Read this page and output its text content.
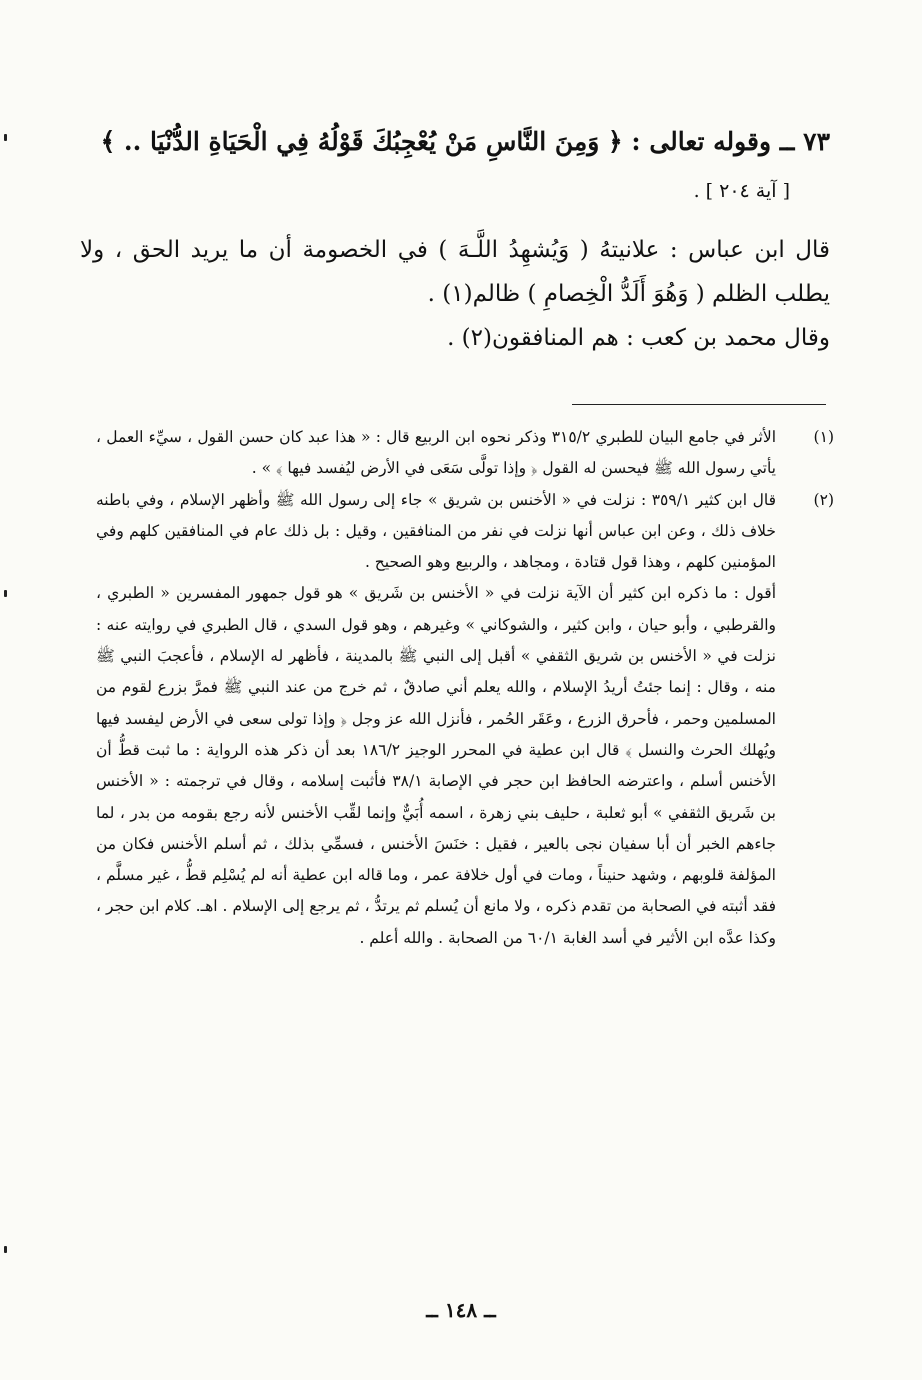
٧٣ ــ وقوله تعالى : ﴿ وَمِنَ النَّاسِ مَنْ يُعْجِبُكَ قَوْلُهُ فِي الْحَيَاةِ الدُّنْيَا .. ﴾
[ آية ٢٠٤ ] .

قال ابن عباس : علانيتهُ ( وَيُشهِدُ اللَّـهَ ) في الخصومة أن ما يريد الحق ، ولا يطلب الظلم ( وَهُوَ أَلَدُّ الْخِصامِ ) ظالم(١) .

وقال محمد بن كعب : هم المنافقون(٢) .

(١)
الأثر في جامع البيان للطبري ٣١٥/٢ وذكر نحوه ابن الربيع قال : « هذا عبد كان حسن القول ، سيِّء العمل ، يأتي رسول الله ﷺ فيحسن له القول ﴿ وإذا تولَّى سَعَى في الأرض ليُفسد فيها ﴾ » .
(٢)
قال ابن كثير ٣٥٩/١ : نزلت في « الأخنس بن شريق » جاء إلى رسول الله ﷺ وأظهر الإسلام ، وفي باطنه خلاف ذلك ، وعن ابن عباس أنها نزلت في نفر من المنافقين ، وقيل : بل ذلك عام في المنافقين كلهم وفي المؤمنين كلهم ، وهذا قول قتادة ، ومجاهد ، والربيع وهو الصحيح .

أقول : ما ذكره ابن كثير أن الآية نزلت في « الأخنس بن شَريق » هو قول جمهور المفسرين « الطبري ، والقرطبي ، وأبو حيان ، وابن كثير ، والشوكاني » وغيرهم ، وهو قول السدي ، قال الطبري في روايته عنه : نزلت في « الأخنس بن شريق الثقفي » أقبل إلى النبي ﷺ بالمدينة ، فأظهر له الإسلام ، فأعجبَ النبي ﷺ منه ، وقال : إنما جئتُ أريدُ الإسلام ، والله يعلم أني صادقٌ ، ثم خرج من عند النبي ﷺ فمرَّ بزرع لقوم من المسلمين وحمر ، فأحرق الزرع ، وعَقَر الحُمر ، فأنزل الله عز وجل ﴿ وإذا تولى سعى في الأرض ليفسد فيها ويُهلك الحرث والنسل ﴾ قال ابن عطية في المحرر الوجيز ١٨٦/٢ بعد أن ذكر هذه الرواية : ما ثبت قطُّ أن الأخنس أسلم ، واعترضه الحافظ ابن حجر في الإصابة ٣٨/١ فأثبت إسلامه ، وقال في ترجمته : « الأخنس بن شَريق الثقفي » أبو ثعلبة ، حليف بني زهرة ، اسمه أُبَيٌّ وإنما لقِّب الأخنس لأنه رجع بقومه من بدر ، لما جاءهم الخبر أن أبا سفيان نجى بالعير ، فقيل : خنَسَ الأخنس ، فسمِّي بذلك ، ثم أسلم الأخنس فكان من المؤلفة قلوبهم ، وشهد حنيناً ، ومات في أول خلافة عمر ، وما قاله ابن عطية أنه لم يُسْلِم قطُّ ، غير مسلَّم ، فقد أثبته في الصحابة من تقدم ذكره ، ولا مانع أن يُسلم ثم يرتدُّ ، ثم يرجع إلى الإسلام . اهـ. كلام ابن حجر ، وكذا عدَّه ابن الأثير في أسد الغابة ٦٠/١ من الصحابة . والله أعلم .

ــ ١٤٨ ــ
